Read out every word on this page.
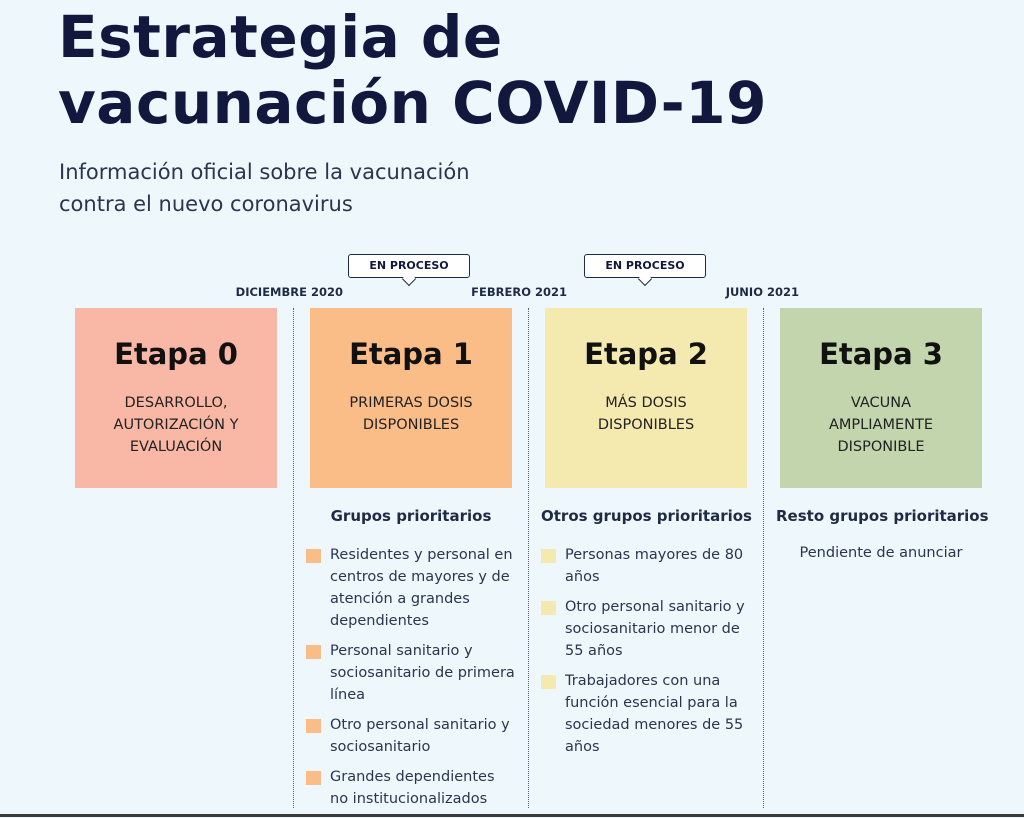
Estrategia de
vacunación COVID-19
Información oficial sobre la vacunación
contra el nuevo coronavirus
EN PROCESO	EN PROCESO
DICIEMBRE 2020	FEBRERO 2021	JUNIO 2021
Etapa 0
DESARROLLO, AUTORIZACIÓN Y EVALUACIÓN
Etapa 1
PRIMERAS DOSIS DISPONIBLES
Etapa 2
MÁS DOSIS DISPONIBLES
Etapa 3
VACUNA AMPLIAMENTE DISPONIBLE
Grupos prioritarios
Residentes y personal en centros de mayores y de atención a grandes dependientes
Personal sanitario y sociosanitario de primera línea
Otro personal sanitario y sociosanitario
Grandes dependientes no institucionalizados
Otros grupos prioritarios
Personas mayores de 80 años
Otro personal sanitario y sociosanitario menor de 55 años
Trabajadores con una función esencial para la sociedad menores de 55 años
Resto grupos prioritarios
Pendiente de anunciar
